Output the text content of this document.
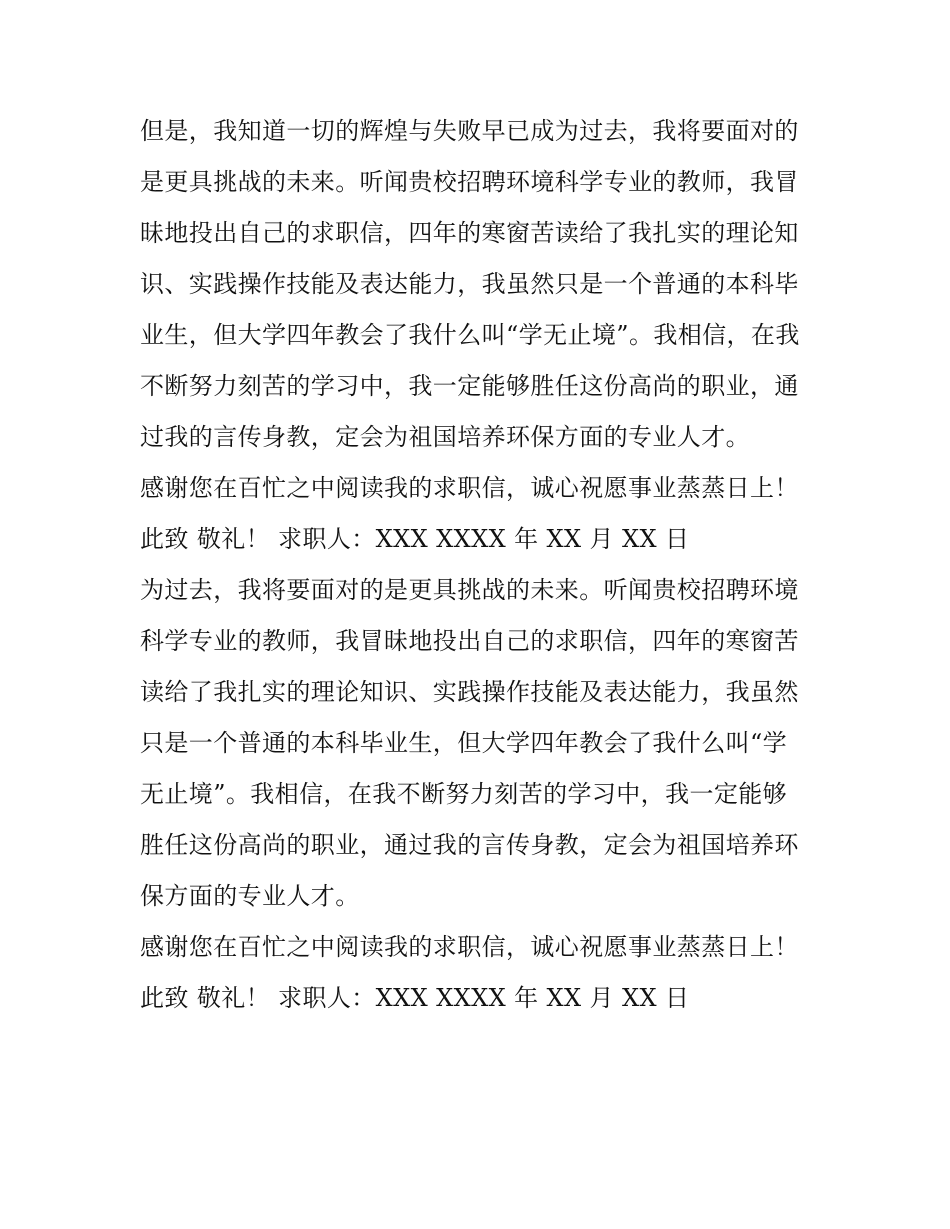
但是，我知道一切的辉煌与失败早已成为过去，我将要面对的
是更具挑战的未来。听闻贵校招聘环境科学专业的教师，我冒
昧地投出自己的求职信，四年的寒窗苦读给了我扎实的理论知
识、实践操作技能及表达能力，我虽然只是一个普通的本科毕
业生，但大学四年教会了我什么叫“学无止境”。我相信，在我
不断努力刻苦的学习中，我一定能够胜任这份高尚的职业，通
过我的言传身教，定会为祖国培养环保方面的专业人才。
感谢您在百忙之中阅读我的求职信，诚心祝愿事业蒸蒸日上！
此致 敬礼！ 求职人：XXX XXXX 年 XX 月 XX 日
为过去，我将要面对的是更具挑战的未来。听闻贵校招聘环境
科学专业的教师，我冒昧地投出自己的求职信，四年的寒窗苦
读给了我扎实的理论知识、实践操作技能及表达能力，我虽然
只是一个普通的本科毕业生，但大学四年教会了我什么叫“学
无止境”。我相信，在我不断努力刻苦的学习中，我一定能够
胜任这份高尚的职业，通过我的言传身教，定会为祖国培养环
保方面的专业人才。
感谢您在百忙之中阅读我的求职信，诚心祝愿事业蒸蒸日上！
此致 敬礼！ 求职人：XXX XXXX 年 XX 月 XX 日
